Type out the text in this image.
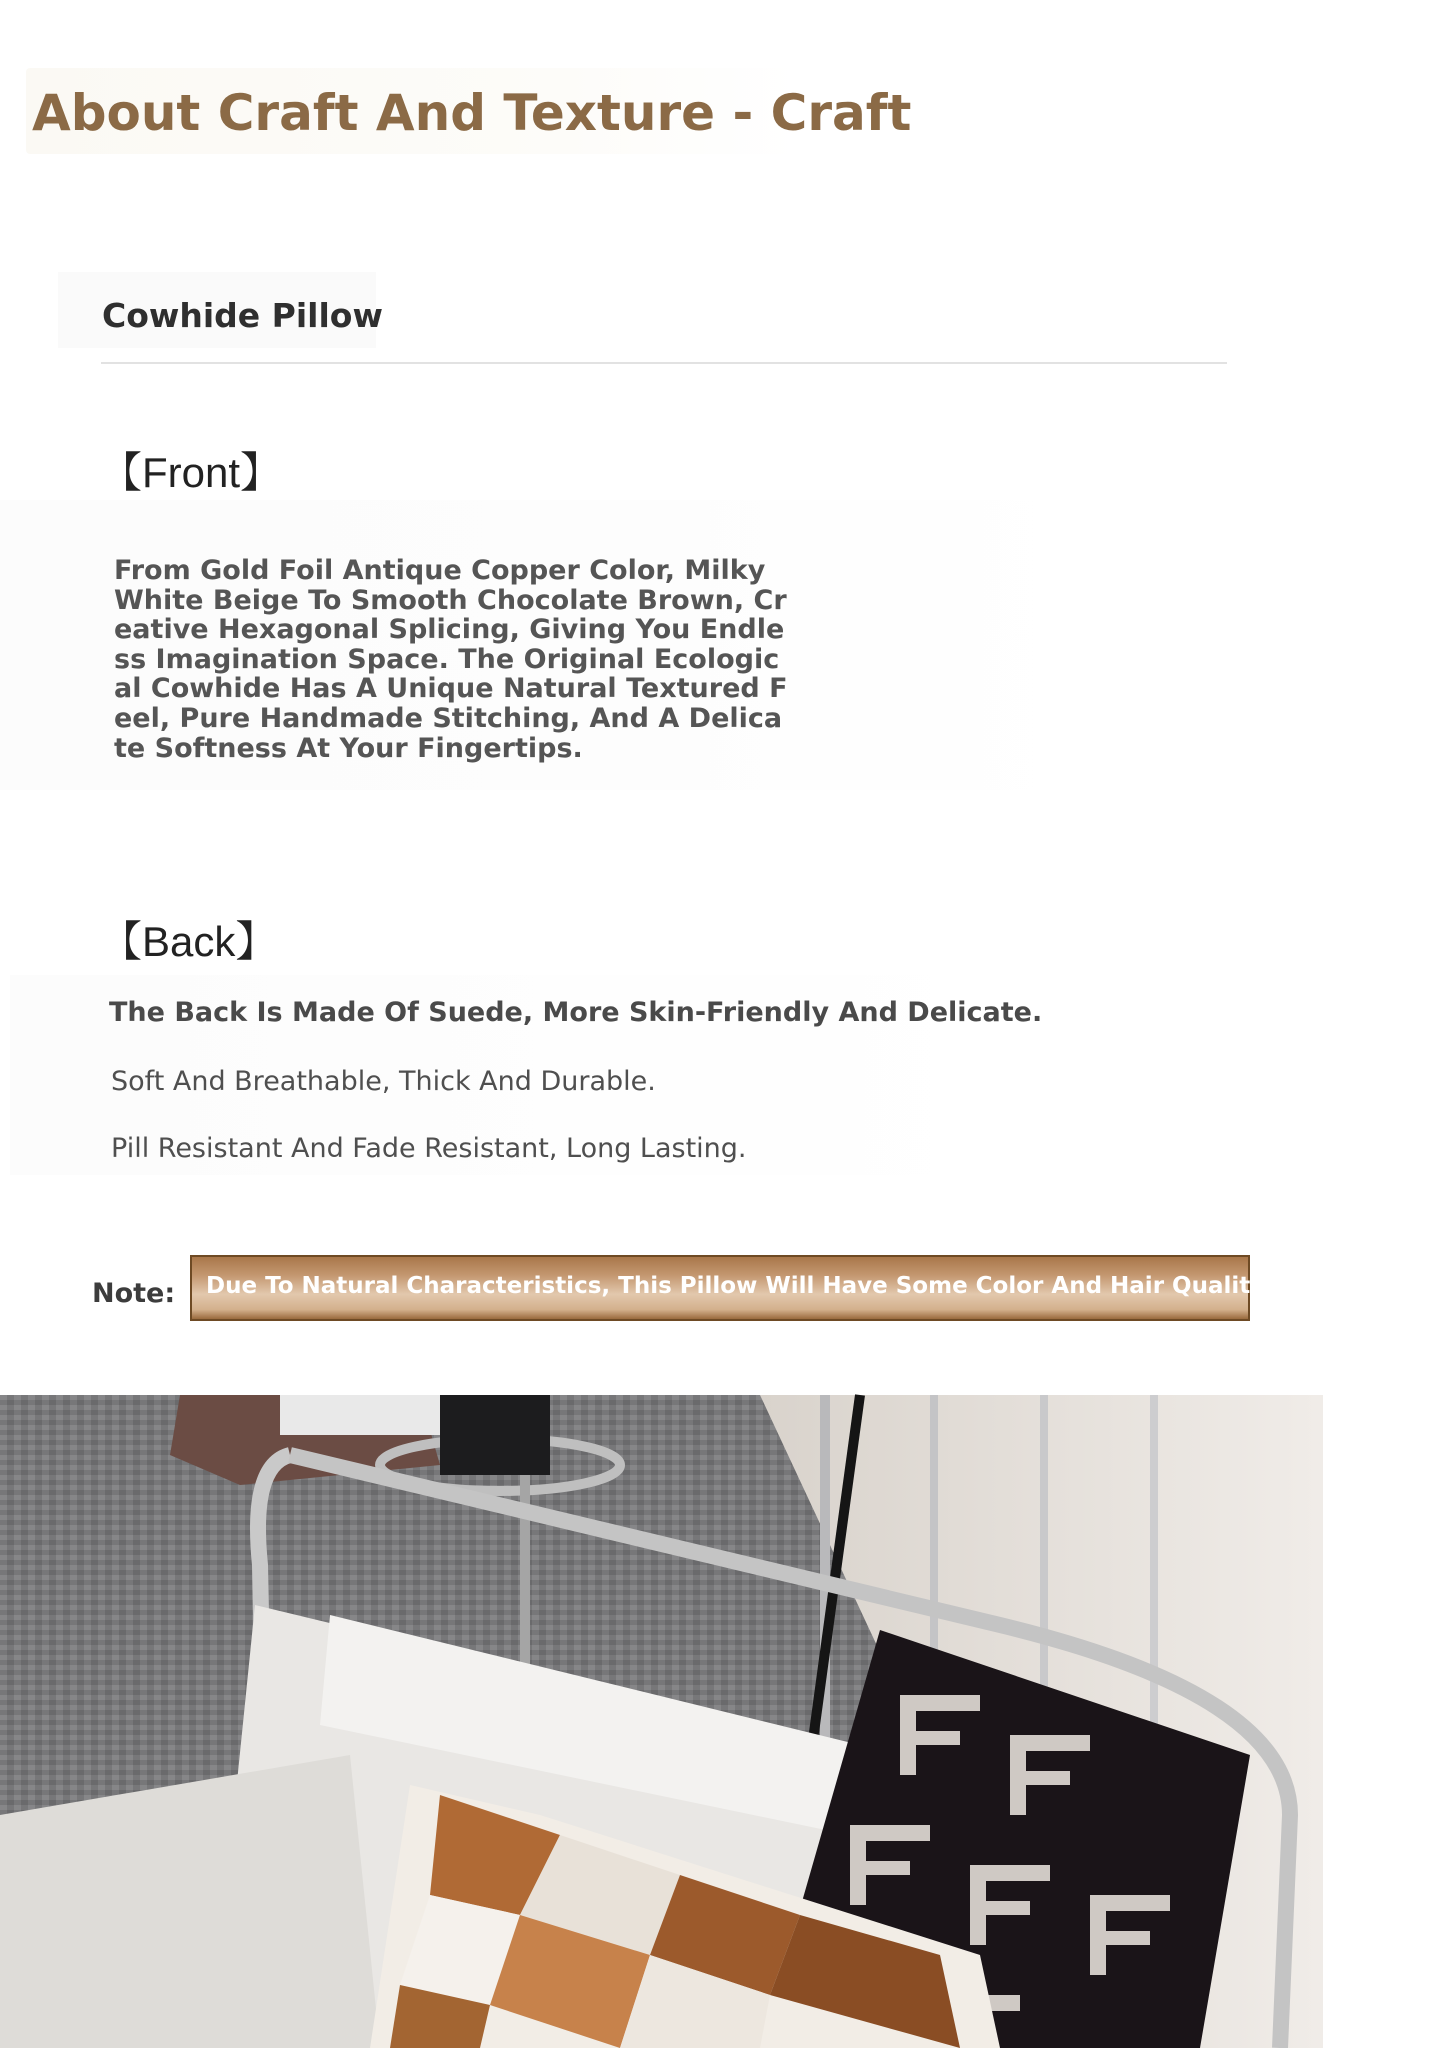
About Craft And Texture - Craft
Cowhide Pillow
【Front】
From Gold Foil Antique Copper Color, Milky White Beige To Smooth Chocolate Brown, Creative Hexagonal Splicing, Giving You Endless Imagination Space. The Original Ecological Cowhide Has A Unique Natural Textured Feel, Pure Handmade Stitching, And A Delicate Softness At Your Fingertips.
【Back】
The Back Is Made Of Suede, More Skin-Friendly And Delicate.
Soft And Breathable, Thick And Durable.
Pill Resistant And Fade Resistant, Long Lasting.
Note: Due To Natural Characteristics, This Pillow Will Have Some Color And Hair Quality Differences.
